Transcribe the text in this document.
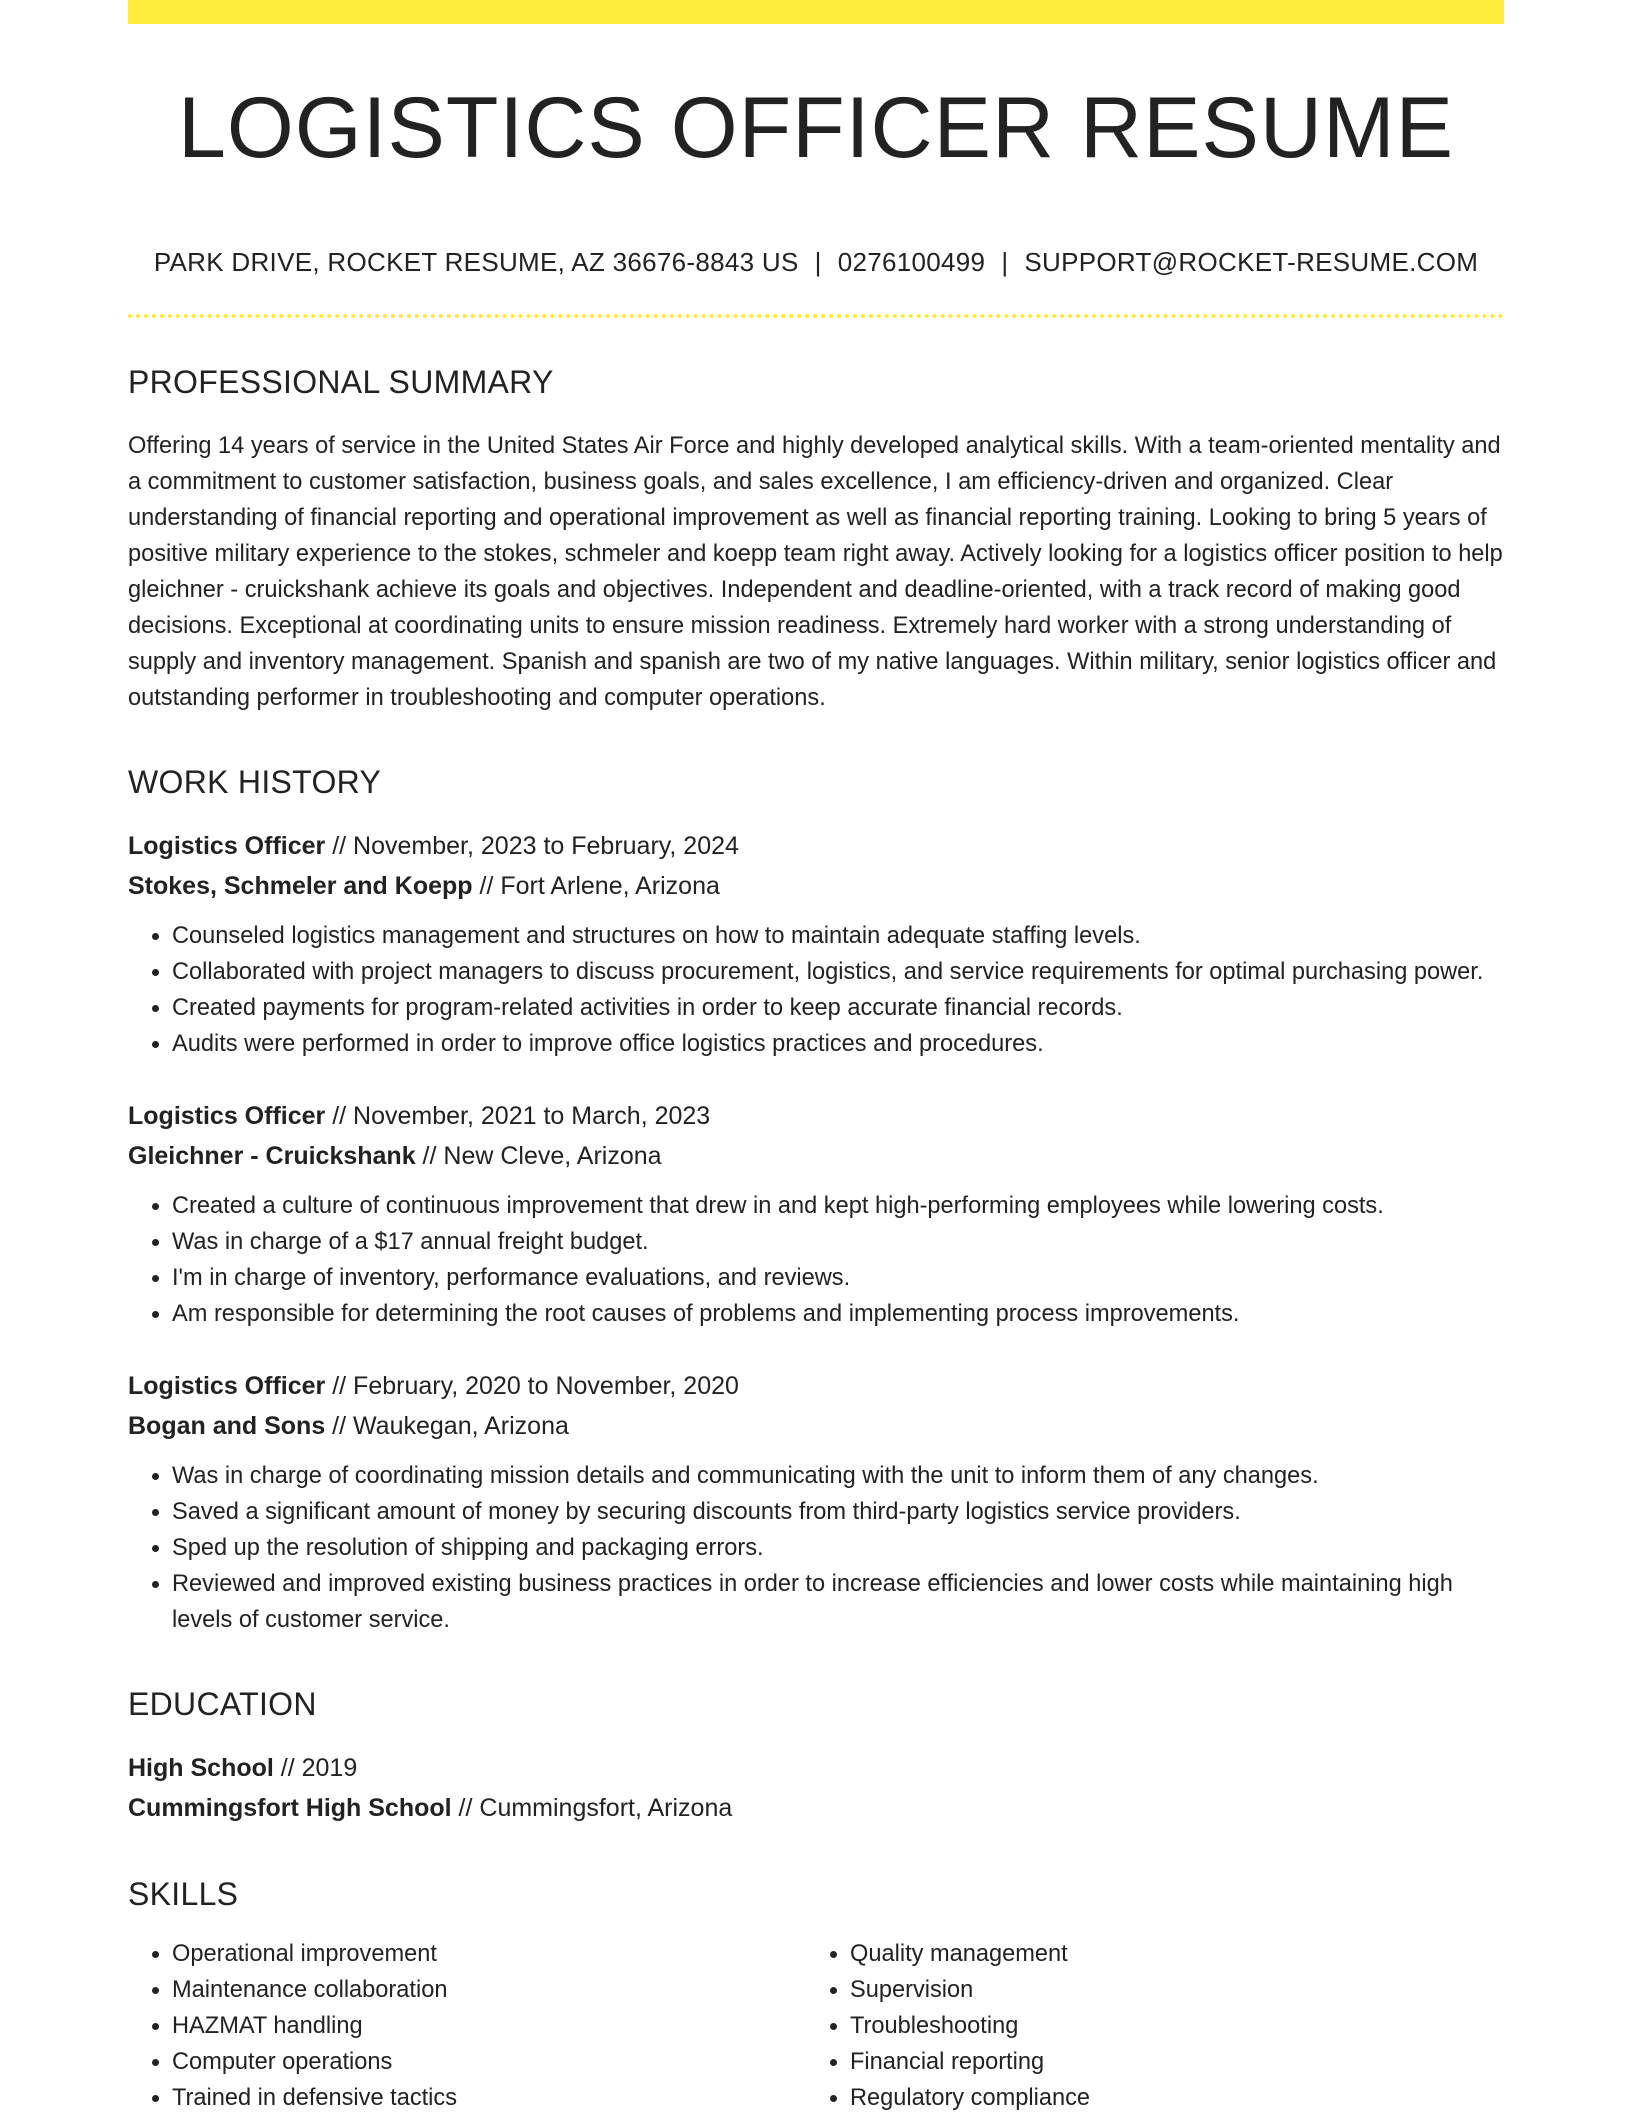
LOGISTICS OFFICER RESUME
PARK DRIVE, ROCKET RESUME, AZ 36676-8843 US | 0276100499 | SUPPORT@ROCKET-RESUME.COM
PROFESSIONAL SUMMARY

Offering 14 years of service in the United States Air Force and highly developed analytical skills. With a team-oriented mentality and a commitment to customer satisfaction, business goals, and sales excellence, I am efficiency-driven and organized. Clear understanding of financial reporting and operational improvement as well as financial reporting training. Looking to bring 5 years of positive military experience to the stokes, schmeler and koepp team right away. Actively looking for a logistics officer position to help gleichner - cruickshank achieve its goals and objectives. Independent and deadline-oriented, with a track record of making good decisions. Exceptional at coordinating units to ensure mission readiness. Extremely hard worker with a strong understanding of supply and inventory management. Spanish and spanish are two of my native languages. Within military, senior logistics officer and outstanding performer in troubleshooting and computer operations.

WORK HISTORY
Logistics Officer // November, 2023 to February, 2024
Stokes, Schmeler and Koepp // Fort Arlene, Arizona
• Counseled logistics management and structures on how to maintain adequate staffing levels.
• Collaborated with project managers to discuss procurement, logistics, and service requirements for optimal purchasing power.
• Created payments for program-related activities in order to keep accurate financial records.
• Audits were performed in order to improve office logistics practices and procedures.
Logistics Officer // November, 2021 to March, 2023
Gleichner - Cruickshank // New Cleve, Arizona
• Created a culture of continuous improvement that drew in and kept high-performing employees while lowering costs.
• Was in charge of a $17 annual freight budget.
• I'm in charge of inventory, performance evaluations, and reviews.
• Am responsible for determining the root causes of problems and implementing process improvements.
Logistics Officer // February, 2020 to November, 2020
Bogan and Sons // Waukegan, Arizona
• Was in charge of coordinating mission details and communicating with the unit to inform them of any changes.
• Saved a significant amount of money by securing discounts from third-party logistics service providers.
• Sped up the resolution of shipping and packaging errors.
• Reviewed and improved existing business practices in order to increase efficiencies and lower costs while maintaining high levels of customer service.
EDUCATION
High School // 2019
Cummingsfort High School // Cummingsfort, Arizona
SKILLS
• Operational improvement
• Maintenance collaboration
• HAZMAT handling
• Computer operations
• Trained in defensive tactics
• Quality management
• Supervision
• Troubleshooting
• Financial reporting
• Regulatory compliance
